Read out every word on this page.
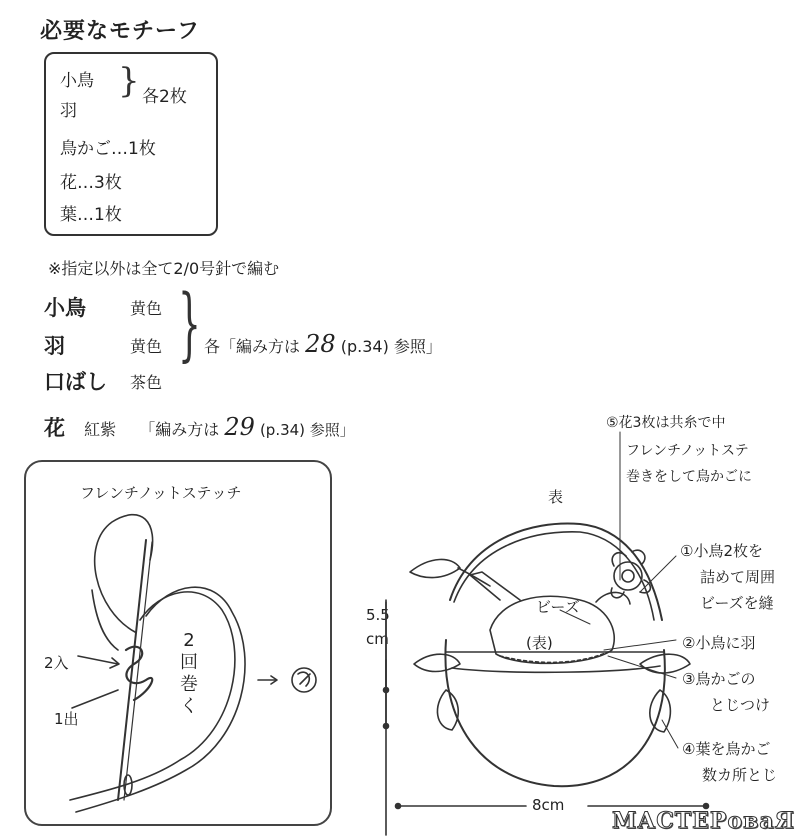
必要なモチーフ
小鳥
羽
} 各2枚
鳥かご…1枚
花…3枚
葉…1枚
※指定以外は全て2/0号針で編む
小鳥	黄色
羽	黄色
口ばし 茶色
} 各「編み方は 28 (p.34) 参照」
花 紅紫 「編み方は 29 (p.34) 参照」
フレンチノットステッチ
2入
1出
2回巻く
表
ビーズ
(表)
5.5
cm
8cm
⑤花3枚は共糸で中
フレンチノットステ
巻きをして鳥かごに
①小鳥2枚を
詰めて周囲
ビーズを縫
②小鳥に羽
③鳥かごの
とじつけ
④葉を鳥かご
数カ所とじ
МАСТЕРоваЯ
